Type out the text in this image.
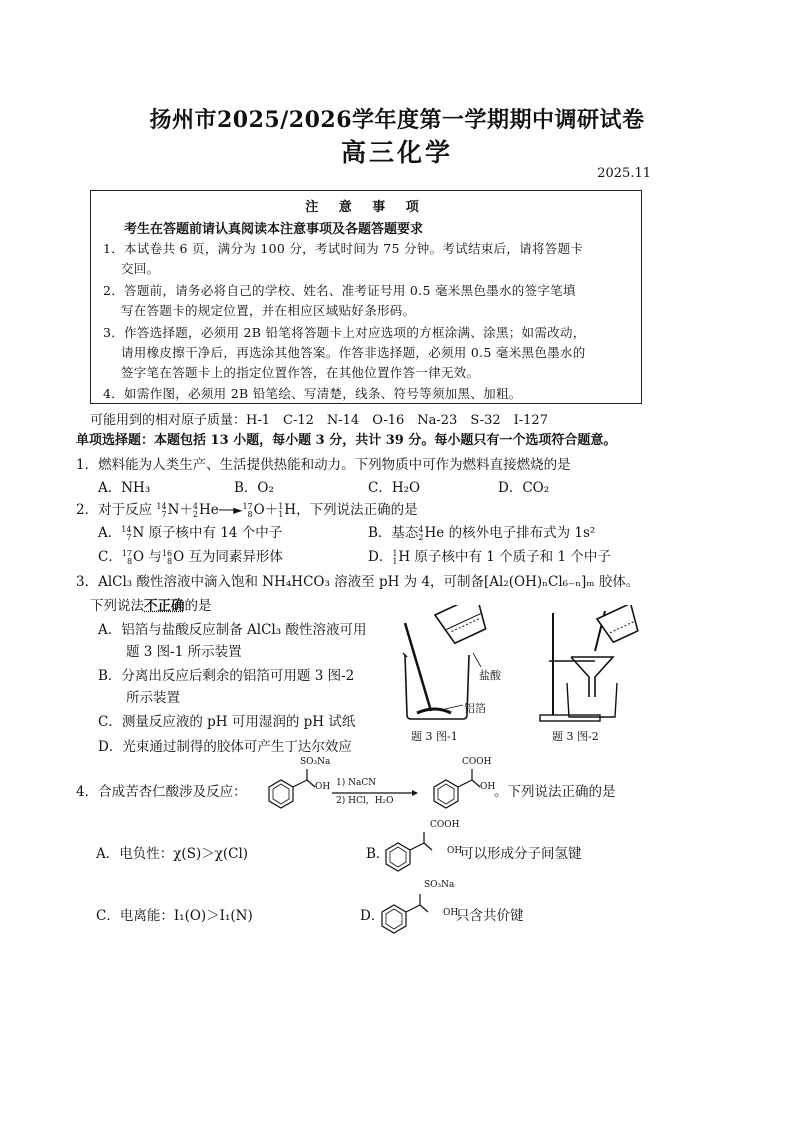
扬州市2025/2026学年度第一学期期中调研试卷
高三化学
2025.11
注 意 事 项
考生在答题前请认真阅读本注意事项及各题答题要求
1．本试卷共 6 页，满分为 100 分，考试时间为 75 分钟。考试结束后，请将答题卡
交回。
2．答题前，请务必将自己的学校、姓名、准考证号用 0.5 毫米黑色墨水的签字笔填
写在答题卡的规定位置，并在相应区域贴好条形码。
3．作答选择题，必须用 2B 铅笔将答题卡上对应选项的方框涂满、涂黑；如需改动，
请用橡皮擦干净后，再选涂其他答案。作答非选择题，必须用 0.5 毫米黑色墨水的
签字笔在答题卡上的指定位置作答，在其他位置作答一律无效。
4．如需作图，必须用 2B 铅笔绘、写清楚，线条、符号等须加黑、加粗。
可能用到的相对原子质量：H-1　C-12　N-14　O-16　Na-23　S-32　I-127
单项选择题：本题包括 13 小题，每小题 3 分，共计 39 分。每小题只有一个选项符合题意。
1．燃料能为人类生产、生活提供热能和动力。下列物质中可作为燃料直接燃烧的是
A．NH₃	B．O₂	C．H₂O	D．CO₂
2．对于反应 14
7N＋4
2He──►17
8O＋1
1H，下列说法正确的是
A．14
7N 原子核中有 14 个中子	B．基态4
2He 的核外电子排布式为 1s²
C．17
8O 与16
8O 互为同素异形体	D．1
1H 原子核中有 1 个质子和 1 个中子
3．AlCl₃ 酸性溶液中滴入饱和 NH₄HCO₃ 溶液至 pH 为 4，可制备[Al₂(OH)ₙCl₆₋ₙ]ₘ 胶体。
下列说法不正确的是
A．铝箔与盐酸反应制备 AlCl₃ 酸性溶液可用
题 3 图-1 所示装置
B．分离出反应后剩余的铝箔可用题 3 图-2
所示装置
C．测量反应液的 pH 可用湿润的 pH 试纸
D．光束通过制得的胶体可产生丁达尔效应
盐酸
铝箔
题 3 图-1	题 3 图-2
4．合成苦杏仁酸涉及反应：
SO₃Na
OH 1) NaCN
2) HCl，H₂O
COOH
OH
。下列说法正确的是
A．电负性：χ(S)＞χ(Cl)	B．
COOH
OH
可以形成分子间氢键
C．电离能：I₁(O)＞I₁(N)	D．
SO₃Na
OH
只含共价键
